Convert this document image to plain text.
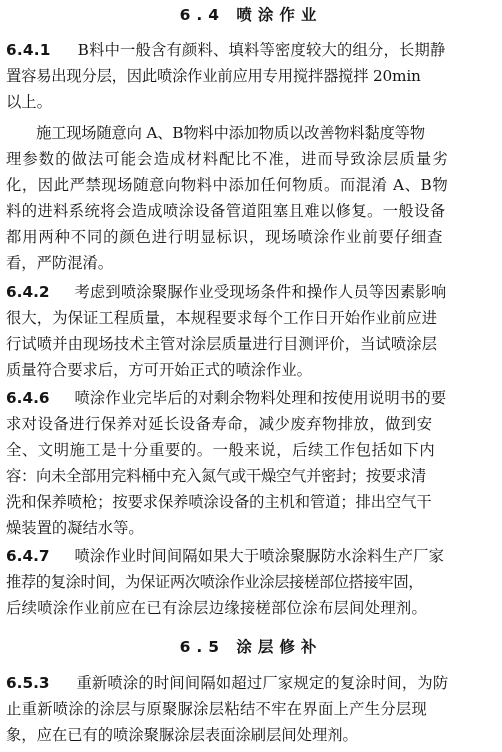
6.4 喷涂作业
6.4.1 B料中一般含有颜料、填料等密度较大的组分，长期静
置容易出现分层，因此喷涂作业前应用专用搅拌器搅拌 20min
以上。
施工现场随意向 A、B物料中添加物质以改善物料黏度等物
理参数的做法可能会造成材料配比不准，进而导致涂层质量劣
化，因此严禁现场随意向物料中添加任何物质。而混淆 A、B物
料的进料系统将会造成喷涂设备管道阻塞且难以修复。一般设备
都用两种不同的颜色进行明显标识，现场喷涂作业前要仔细查
看，严防混淆。
6.4.2 考虑到喷涂聚脲作业受现场条件和操作人员等因素影响
很大，为保证工程质量，本规程要求每个工作日开始作业前应进
行试喷并由现场技术主管对涂层质量进行目测评价，当试喷涂层
质量符合要求后，方可开始正式的喷涂作业。
6.4.6 喷涂作业完毕后的对剩余物料处理和按使用说明书的要
求对设备进行保养对延长设备寿命，减少废弃物排放，做到安
全、文明施工是十分重要的。一般来说，后续工作包括如下内
容：向未全部用完料桶中充入氮气或干燥空气并密封；按要求清
洗和保养喷枪；按要求保养喷涂设备的主机和管道；排出空气干
燥装置的凝结水等。
6.4.7 喷涂作业时间间隔如果大于喷涂聚脲防水涂料生产厂家
推荐的复涂时间，为保证两次喷涂作业涂层接槎部位搭接牢固，
后续喷涂作业前应在已有涂层边缘接槎部位涂布层间处理剂。
6.5 涂层修补
6.5.3 重新喷涂的时间间隔如超过厂家规定的复涂时间，为防
止重新喷涂的涂层与原聚脲涂层粘结不牢在界面上产生分层现
象，应在已有的喷涂聚脲涂层表面涂刷层间处理剂。
